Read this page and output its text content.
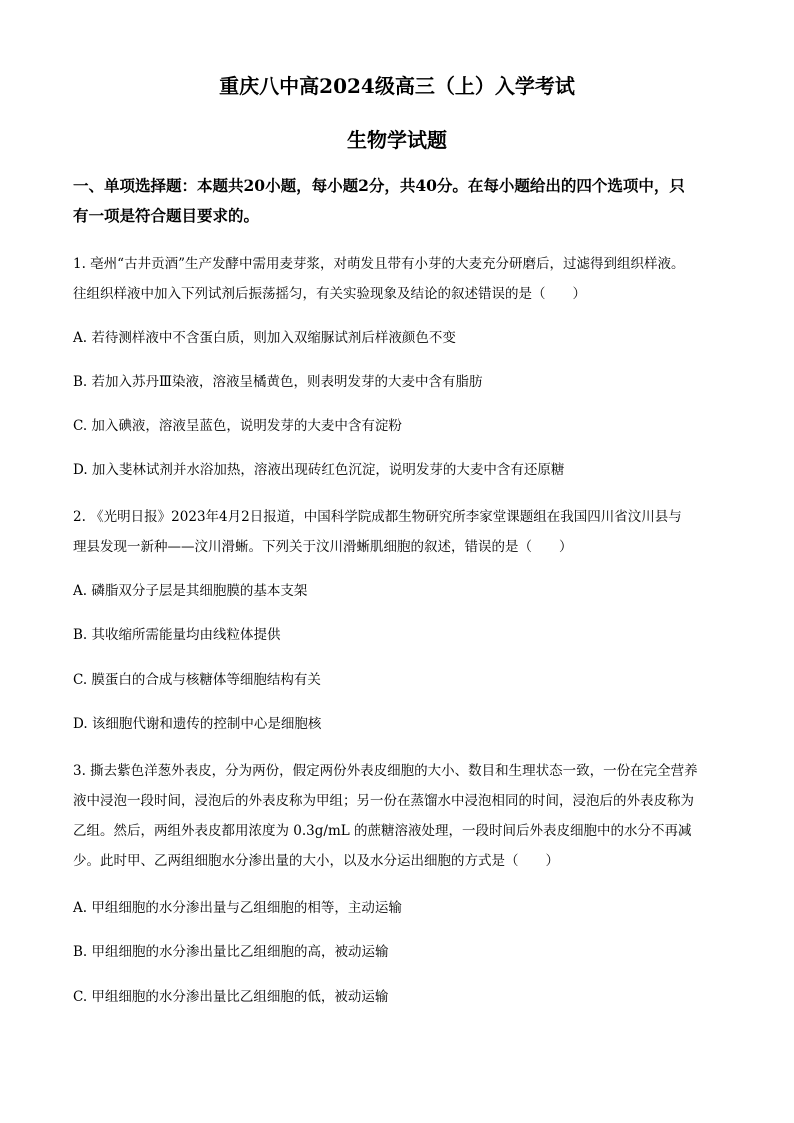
重庆八中高2024级高三（上）入学考试
生物学试题
一、单项选择题：本题共20小题，每小题2分，共40分。在每小题给出的四个选项中，只
有一项是符合题目要求的。
1. 亳州“古井贡酒”生产发酵中需用麦芽浆，对萌发且带有小芽的大麦充分研磨后，过滤得到组织样液。
往组织样液中加入下列试剂后振荡摇匀，有关实验现象及结论的叙述错误的是（　　）
A. 若待测样液中不含蛋白质，则加入双缩脲试剂后样液颜色不变
B. 若加入苏丹Ⅲ染液，溶液呈橘黄色，则表明发芽的大麦中含有脂肪
C. 加入碘液，溶液呈蓝色，说明发芽的大麦中含有淀粉
D. 加入斐林试剂并水浴加热，溶液出现砖红色沉淀，说明发芽的大麦中含有还原糖
2. 《光明日报》2023年4月2日报道，中国科学院成都生物研究所李家堂课题组在我国四川省汶川县与
理县发现一新种——汶川滑蜥。下列关于汶川滑蜥肌细胞的叙述，错误的是（　　）
A. 磷脂双分子层是其细胞膜的基本支架
B. 其收缩所需能量均由线粒体提供
C. 膜蛋白的合成与核糖体等细胞结构有关
D. 该细胞代谢和遗传的控制中心是细胞核
3. 撕去紫色洋葱外表皮，分为两份，假定两份外表皮细胞的大小、数目和生理状态一致，一份在完全营养
液中浸泡一段时间，浸泡后的外表皮称为甲组；另一份在蒸馏水中浸泡相同的时间，浸泡后的外表皮称为
乙组。然后，两组外表皮都用浓度为 0.3g/mL 的蔗糖溶液处理，一段时间后外表皮细胞中的水分不再减
少。此时甲、乙两组细胞水分渗出量的大小，以及水分运出细胞的方式是（　　）
A. 甲组细胞的水分渗出量与乙组细胞的相等，主动运输
B. 甲组细胞的水分渗出量比乙组细胞的高，被动运输
C. 甲组细胞的水分渗出量比乙组细胞的低，被动运输
